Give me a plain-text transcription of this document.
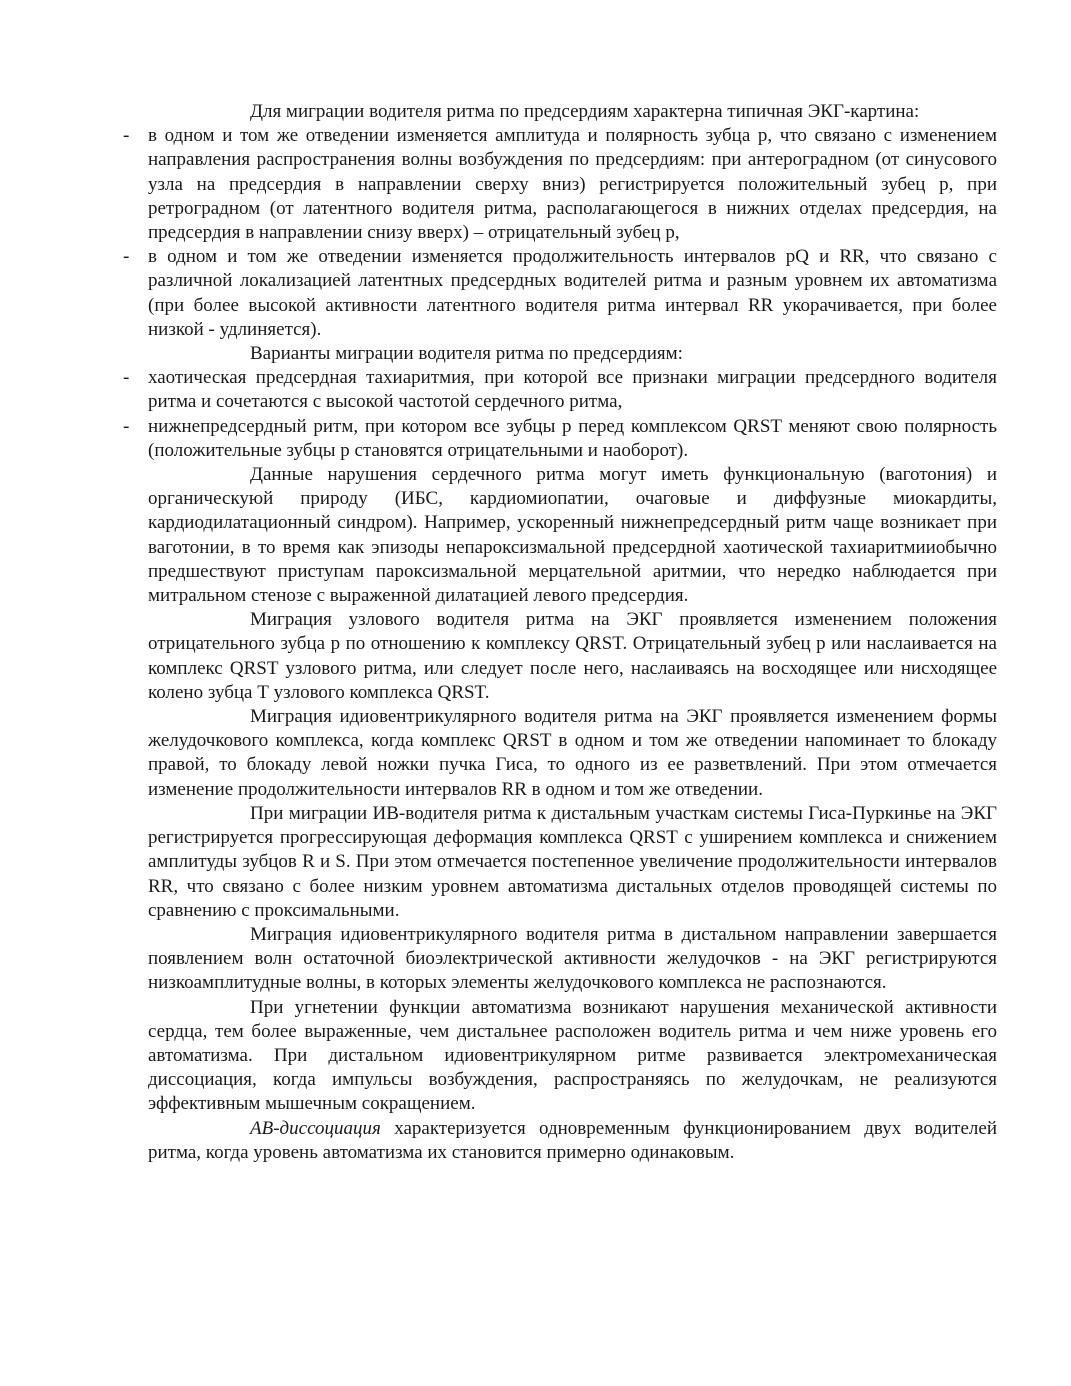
Для миграции водителя ритма по предсердиям характерна типичная ЭКГ-картина:

- в одном и том же отведении изменяется амплитуда и полярность зубца р, что связано с изменением направления распространения волны возбуждения по предсердиям: при антероградном (от синусового узла на предсердия в направлении сверху вниз) регистрируется положительный зубец р, при ретроградном (от латентного водителя ритма, располагающегося в нижних отделах предсердия, на предсердия в направлении снизу вверх) – отрицательный зубец р,

- в одном и том же отведении изменяется продолжительность интервалов pQ и RR, что связано с различной локализацией латентных предсердных водителей ритма и разным уровнем их автоматизма (при более высокой активности латентного водителя ритма интервал RR укорачивается, при более низкой - удлиняется).

Варианты миграции водителя ритма по предсердиям:

- хаотическая предсердная тахиаритмия, при которой все признаки миграции предсердного водителя ритма и сочетаются с высокой частотой сердечного ритма,

- нижнепредсердный ритм, при котором все зубцы р перед комплексом QRST меняют свою полярность (положительные зубцы р становятся отрицательными и наоборот).

Данные нарушения сердечного ритма могут иметь функциональную (ваготония) и органическуюй природу (ИБС, кардиомиопатии, очаговые и диффузные миокардиты, кардиодилатационный синдром). Например, ускоренный нижнепредсердный ритм чаще возникает при ваготонии, в то время как эпизоды непароксизмальной предсердной хаотической тахиаритмииобычно предшествуют приступам пароксизмальной мерцательной аритмии, что нередко наблюдается при митральном стенозе с выраженной дилатацией левого предсердия.

Миграция узлового водителя ритма на ЭКГ проявляется изменением положения отрицательного зубца р по отношению к комплексу QRST. Отрицательный зубец р или наслаивается на комплекс QRST узлового ритма, или следует после него, наслаиваясь на восходящее или нисходящее колено зубца Т узлового комплекса QRST.

Миграция идиовентрикулярного водителя ритма на ЭКГ проявляется изменением формы желудочкового комплекса, когда комплекс QRST в одном и том же отведении напоминает то блокаду правой, то блокаду левой ножки пучка Гиса, то одного из ее разветвлений. При этом отмечается изменение продолжительности интервалов RR в одном и том же отведении.

При миграции ИВ-водителя ритма к дистальным участкам системы Гиса-Пуркинье на ЭКГ регистрируется прогрессирующая деформация комплекса QRST с уширением комплекса и снижением амплитуды зубцов R и S. При этом отмечается постепенное увеличение продолжительности интервалов RR, что связано с более низким уровнем автоматизма дистальных отделов проводящей системы по сравнению с проксимальными.

Миграция идиовентрикулярного водителя ритма в дистальном направлении завершается появлением волн остаточной биоэлектрической активности желудочков - на ЭКГ регистрируются низкоамплитудные волны, в которых элементы желудочкового комплекса не распознаются.

При угнетении функции автоматизма возникают нарушения механической активности сердца, тем более выраженные, чем дистальнее расположен водитель ритма и чем ниже уровень его автоматизма. При дистальном идиовентрикулярном ритме развивается электромеханическая диссоциация, когда импульсы возбуждения, распространяясь по желудочкам, не реализуются эффективным мышечным сокращением.

АВ-диссоциация характеризуется одновременным функционированием двух водителей ритма, когда уровень автоматизма их становится примерно одинаковым.
